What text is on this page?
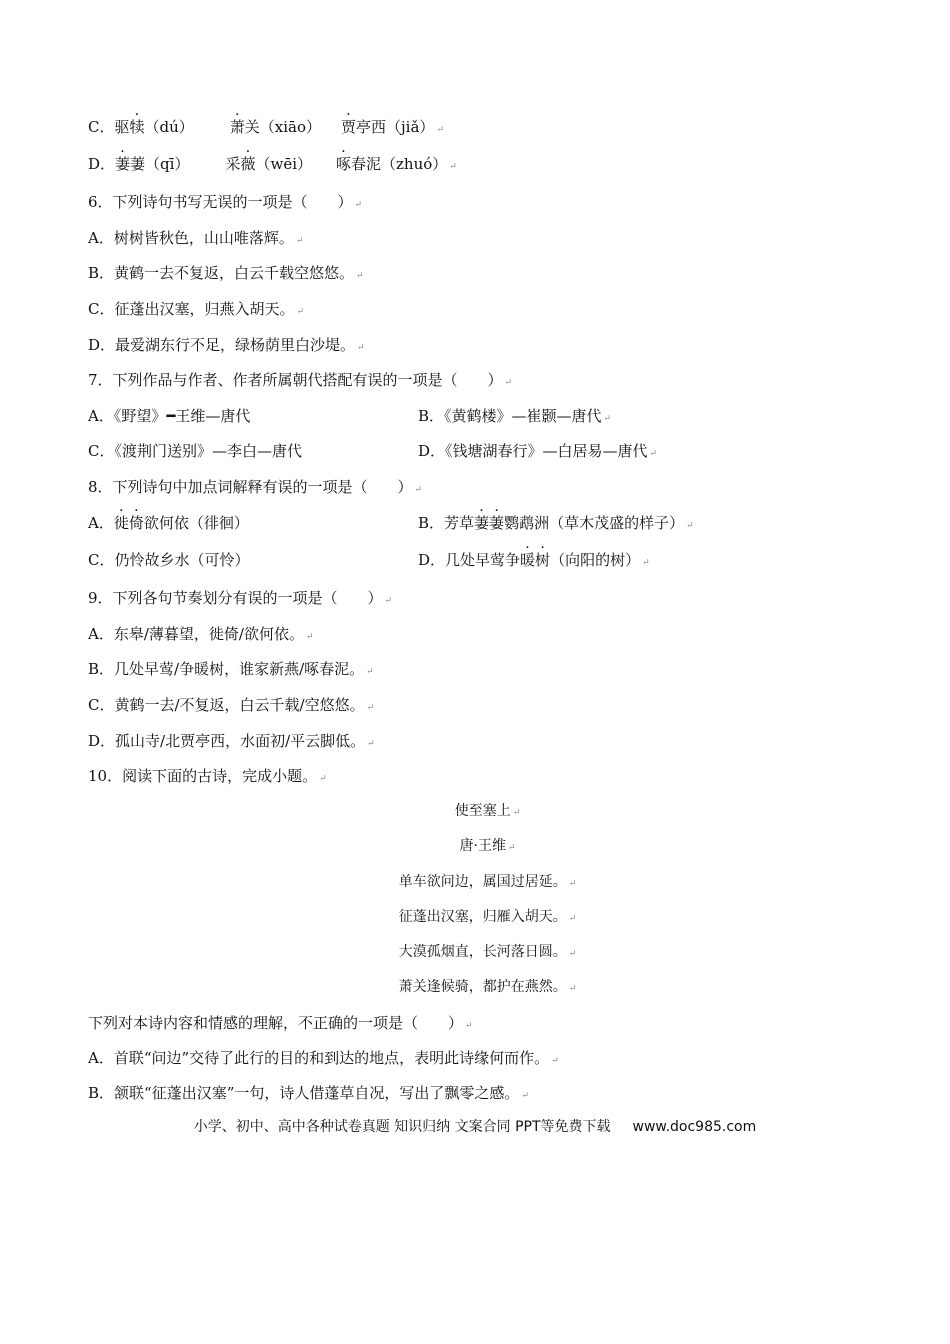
C．驱犊（dú） 萧关（xiāo） 贾亭西（jiǎ） ↵
D．萋萋（qī） 采薇（wēi） 啄春泥（zhuó） ↵
6．下列诗句书写无误的一项是（　　） ↵
A．树树皆秋色，山山唯落辉。 ↵
B．黄鹤一去不复返，白云千载空悠悠。 ↵
C．征蓬出汉塞，归燕入胡天。 ↵
D．最爱湖东行不足，绿杨荫里白沙堤。 ↵
7．下列作品与作者、作者所属朝代搭配有误的一项是（　　） ↵
A．《野望》━王维—唐代	B．《黄鹤楼》—崔颢—唐代 ↵
C．《渡荆门送别》—李白—唐代	D．《钱塘湖春行》—白居易—唐代 ↵
8．下列诗句中加点词解释有误的一项是（　　） ↵
A．徙倚欲何依（徘徊）	B．芳草萋萋鹦鹉洲（草木茂盛的样子） ↵
C．仍怜故乡水（可怜）	D．几处早莺争暖树（向阳的树） ↵
9．下列各句节奏划分有误的一项是（　　） ↵
A．东皋/薄暮望，徙倚/欲何依。 ↵
B．几处早莺/争暖树，谁家新燕/啄春泥。 ↵
C．黄鹤一去/不复返，白云千载/空悠悠。 ↵
D．孤山寺/北贾亭西，水面初/平云脚低。 ↵
10．阅读下面的古诗，完成小题。 ↵
使至塞上 ↵
唐·王维 ↵
单车欲问边，属国过居延。 ↵
征蓬出汉塞，归雁入胡天。 ↵
大漠孤烟直，长河落日圆。 ↵
萧关逢候骑，都护在燕然。 ↵
下列对本诗内容和情感的理解，不正确的一项是（　　） ↵
A．首联“问边”交待了此行的目的和到达的地点，表明此诗缘何而作。 ↵
B．颔联“征蓬出汉塞”一句，诗人借蓬草自况，写出了飘零之感。 ↵
小学、初中、高中各种试卷真题 知识归纳 文案合同 PPT等免费下载 www.doc985.com
